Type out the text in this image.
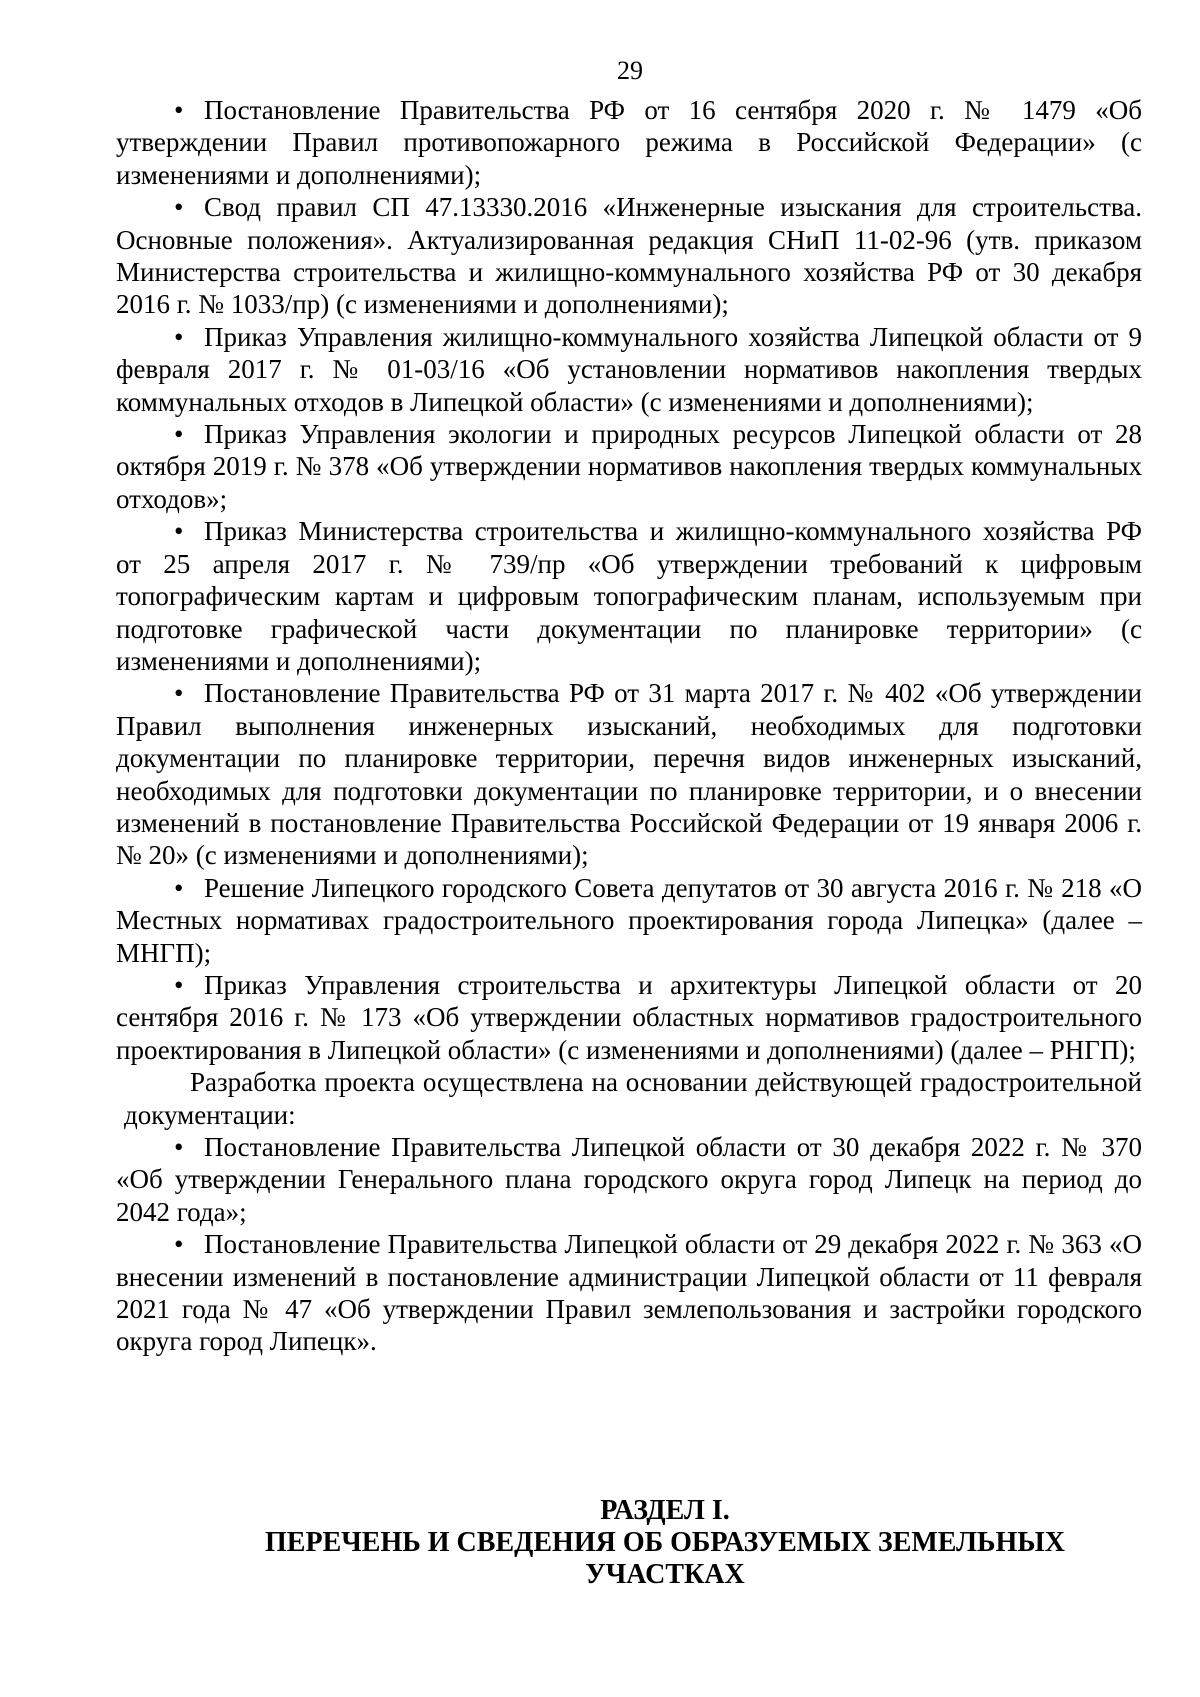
29

• Постановление Правительства РФ от 16 сентября 2020 г. № 1479 «Об утверждении Правил противопожарного режима в Российской Федерации» (с изменениями и дополнениями);

• Свод правил СП 47.13330.2016 «Инженерные изыскания для строительства. Основные положения». Актуализированная редакция СНиП 11-02-96 (утв. приказом Министерства строительства и жилищно-коммунального хозяйства РФ от 30 декабря 2016 г. № 1033/пр) (с изменениями и дополнениями);

• Приказ Управления жилищно-коммунального хозяйства Липецкой области от 9 февраля 2017 г. № 01-03/16 «Об установлении нормативов накопления твердых коммунальных отходов в Липецкой области» (с изменениями и дополнениями);

• Приказ Управления экологии и природных ресурсов Липецкой области от 28 октября 2019 г. № 378 «Об утверждении нормативов накопления твердых коммунальных отходов»;

• Приказ Министерства строительства и жилищно-коммунального хозяйства РФ от 25 апреля 2017 г. № 739/пр «Об утверждении требований к цифровым топографическим картам и цифровым топографическим планам, используемым при подготовке графической части документации по планировке территории» (с изменениями и дополнениями);

• Постановление Правительства РФ от 31 марта 2017 г. № 402 «Об утверждении Правил выполнения инженерных изысканий, необходимых для подготовки документации по планировке территории, перечня видов инженерных изысканий, необходимых для подготовки документации по планировке территории, и о внесении изменений в постановление Правительства Российской Федерации от 19 января 2006 г. № 20» (с изменениями и дополнениями);

• Решение Липецкого городского Совета депутатов от 30 августа 2016 г. № 218 «О Местных нормативах градостроительного проектирования города Липецка» (далее – МНГП);

• Приказ Управления строительства и архитектуры Липецкой области от 20 сентября 2016 г. № 173 «Об утверждении областных нормативов градостроительного проектирования в Липецкой области» (с изменениями и дополнениями) (далее – РНГП);

Разработка проекта осуществлена на основании действующей градостроительной документации:

• Постановление Правительства Липецкой области от 30 декабря 2022 г. № 370 «Об утверждении Генерального плана городского округа город Липецк на период до 2042 года»;

• Постановление Правительства Липецкой области от 29 декабря 2022 г. № 363 «О внесении изменений в постановление администрации Липецкой области от 11 февраля 2021 года № 47 «Об утверждении Правил землепользования и застройки городского округа город Липецк».

РАЗДЕЛ I.
ПЕРЕЧЕНЬ И СВЕДЕНИЯ ОБ ОБРАЗУЕМЫХ ЗЕМЕЛЬНЫХ
УЧАСТКАХ
